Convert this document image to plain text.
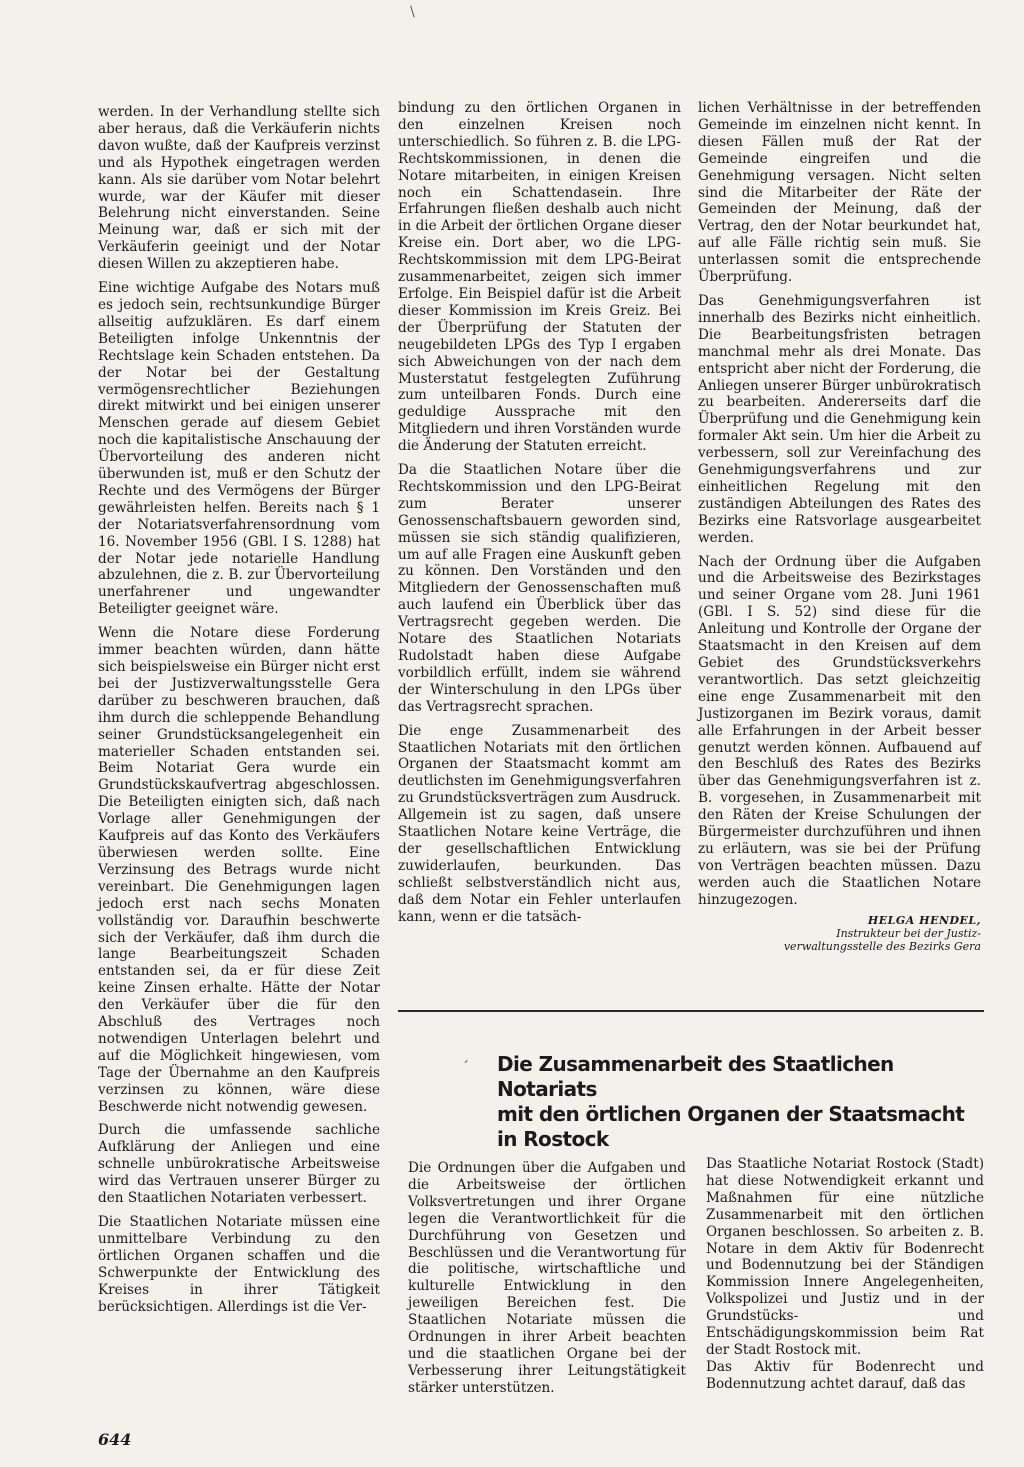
\

werden. In der Verhandlung stellte sich aber heraus, daß die Verkäuferin nichts davon wußte, daß der Kaufpreis verzinst und als Hypothek eingetragen werden kann. Als sie darüber vom Notar belehrt wurde, war der Käufer mit dieser Belehrung nicht einverstanden. Seine Meinung war, daß er sich mit der Verkäuferin geeinigt und der Notar diesen Willen zu akzeptieren habe.

Eine wichtige Aufgabe des Notars muß es jedoch sein, rechtsunkundige Bürger allseitig aufzuklären. Es darf einem Beteiligten infolge Unkenntnis der Rechtslage kein Schaden entstehen. Da der Notar bei der Gestaltung vermögensrechtlicher Beziehungen direkt mitwirkt und bei einigen unserer Menschen gerade auf diesem Gebiet noch die kapitalistische Anschauung der Übervorteilung des anderen nicht überwunden ist, muß er den Schutz der Rechte und des Vermögens der Bürger gewährleisten helfen. Bereits nach § 1 der Notariatsverfahrensordnung vom 16. November 1956 (GBl. I S. 1288) hat der Notar jede notarielle Handlung abzulehnen, die z. B. zur Übervorteilung unerfahrener und ungewandter Beteiligter geeignet wäre.

Wenn die Notare diese Forderung immer beachten würden, dann hätte sich beispielsweise ein Bürger nicht erst bei der Justizverwaltungsstelle Gera darüber zu beschweren brauchen, daß ihm durch die schleppende Behandlung seiner Grundstücksangelegenheit ein materieller Schaden entstanden sei. Beim Notariat Gera wurde ein Grundstückskaufvertrag abgeschlossen. Die Beteiligten einigten sich, daß nach Vorlage aller Genehmigungen der Kaufpreis auf das Konto des Verkäufers überwiesen werden sollte. Eine Verzinsung des Betrags wurde nicht vereinbart. Die Genehmigungen lagen jedoch erst nach sechs Monaten vollständig vor. Daraufhin beschwerte sich der Verkäufer, daß ihm durch die lange Bearbeitungszeit Schaden entstanden sei, da er für diese Zeit keine Zinsen erhalte. Hätte der Notar den Verkäufer über die für den Abschluß des Vertrages noch notwendigen Unterlagen belehrt und auf die Möglichkeit hingewiesen, vom Tage der Übernahme an den Kaufpreis verzinsen zu können, wäre diese Beschwerde nicht notwendig gewesen.

Durch die umfassende sachliche Aufklärung der Anliegen und eine schnelle unbürokratische Arbeitsweise wird das Vertrauen unserer Bürger zu den Staatlichen Notariaten verbessert.

Die Staatlichen Notariate müssen eine unmittelbare Verbindung zu den örtlichen Organen schaffen und die Schwerpunkte der Entwicklung des Kreises in ihrer Tätigkeit berücksichtigen. Allerdings ist die Ver-

bindung zu den örtlichen Organen in den einzelnen Kreisen noch unterschiedlich. So führen z. B. die LPG-Rechtskommissionen, in denen die Notare mitarbeiten, in einigen Kreisen noch ein Schattendasein. Ihre Erfahrungen fließen deshalb auch nicht in die Arbeit der örtlichen Organe dieser Kreise ein. Dort aber, wo die LPG-Rechtskommission mit dem LPG-Beirat zusammenarbeitet, zeigen sich immer Erfolge. Ein Beispiel dafür ist die Arbeit dieser Kommission im Kreis Greiz. Bei der Überprüfung der Statuten der neugebildeten LPGs des Typ I ergaben sich Abweichungen von der nach dem Musterstatut festgelegten Zuführung zum unteilbaren Fonds. Durch eine geduldige Aussprache mit den Mitgliedern und ihren Vorständen wurde die Änderung der Statuten erreicht.

Da die Staatlichen Notare über die Rechtskommission und den LPG-Beirat zum Berater unserer Genossenschaftsbauern geworden sind, müssen sie sich ständig qualifizieren, um auf alle Fragen eine Auskunft geben zu können. Den Vorständen und den Mitgliedern der Genossenschaften muß auch laufend ein Überblick über das Vertragsrecht gegeben werden. Die Notare des Staatlichen Notariats Rudolstadt haben diese Aufgabe vorbildlich erfüllt, indem sie während der Winterschulung in den LPGs über das Vertragsrecht sprachen.

Die enge Zusammenarbeit des Staatlichen Notariats mit den örtlichen Organen der Staatsmacht kommt am deutlichsten im Genehmigungsverfahren zu Grundstücksverträgen zum Ausdruck. Allgemein ist zu sagen, daß unsere Staatlichen Notare keine Verträge, die der gesellschaftlichen Entwicklung zuwiderlaufen, beurkunden. Das schließt selbstverständlich nicht aus, daß dem Notar ein Fehler unterlaufen kann, wenn er die tatsäch-

lichen Verhältnisse in der betreffenden Gemeinde im einzelnen nicht kennt. In diesen Fällen muß der Rat der Gemeinde eingreifen und die Genehmigung versagen. Nicht selten sind die Mitarbeiter der Räte der Gemeinden der Meinung, daß der Vertrag, den der Notar beurkundet hat, auf alle Fälle richtig sein muß. Sie unterlassen somit die entsprechende Überprüfung.

Das Genehmigungsverfahren ist innerhalb des Bezirks nicht einheitlich. Die Bearbeitungsfristen betragen manchmal mehr als drei Monate. Das entspricht aber nicht der Forderung, die Anliegen unserer Bürger unbürokratisch zu bearbeiten. Andererseits darf die Überprüfung und die Genehmigung kein formaler Akt sein. Um hier die Arbeit zu verbessern, soll zur Vereinfachung des Genehmigungsverfahrens und zur einheitlichen Regelung mit den zuständigen Abteilungen des Rates des Bezirks eine Ratsvorlage ausgearbeitet werden.

Nach der Ordnung über die Aufgaben und die Arbeitsweise des Bezirkstages und seiner Organe vom 28. Juni 1961 (GBl. I S. 52) sind diese für die Anleitung und Kontrolle der Organe der Staatsmacht in den Kreisen auf dem Gebiet des Grundstücksverkehrs verantwortlich. Das setzt gleichzeitig eine enge Zusammenarbeit mit den Justizorganen im Bezirk voraus, damit alle Erfahrungen in der Arbeit besser genutzt werden können. Aufbauend auf den Beschluß des Rates des Bezirks über das Genehmigungsverfahren ist z. B. vorgesehen, in Zusammenarbeit mit den Räten der Kreise Schulungen der Bürgermeister durchzuführen und ihnen zu erläutern, was sie bei der Prüfung von Verträgen beachten müssen. Dazu werden auch die Staatlichen Notare hinzugezogen.

HELGA HENDEL,
Instrukteur bei der Justiz-
verwaltungsstelle des Bezirks Gera
ˊ Die Zusammenarbeit des Staatlichen Notariats
mit den örtlichen Organen der Staatsmacht
in Rostock

Die Ordnungen über die Aufgaben und die Arbeitsweise der örtlichen Volksvertretungen und ihrer Organe legen die Verantwortlichkeit für die Durchführung von Gesetzen und Beschlüssen und die Verantwortung für die politische, wirtschaftliche und kulturelle Entwicklung in den jeweiligen Bereichen fest. Die Staatlichen Notariate müssen die Ordnungen in ihrer Arbeit beachten und die staatlichen Organe bei der Verbesserung ihrer Leitungstätigkeit stärker unterstützen.

Das Staatliche Notariat Rostock (Stadt) hat diese Notwendigkeit erkannt und Maßnahmen für eine nützliche Zusammenarbeit mit den örtlichen Organen beschlossen. So arbeiten z. B. Notare in dem Aktiv für Bodenrecht und Bodennutzung bei der Ständigen Kommission Innere Angelegenheiten, Volkspolizei und Justiz und in der Grundstücks- und Entschädigungskommission beim Rat der Stadt Rostock mit.

Das Aktiv für Bodenrecht und Bodennutzung achtet darauf, daß das

644
